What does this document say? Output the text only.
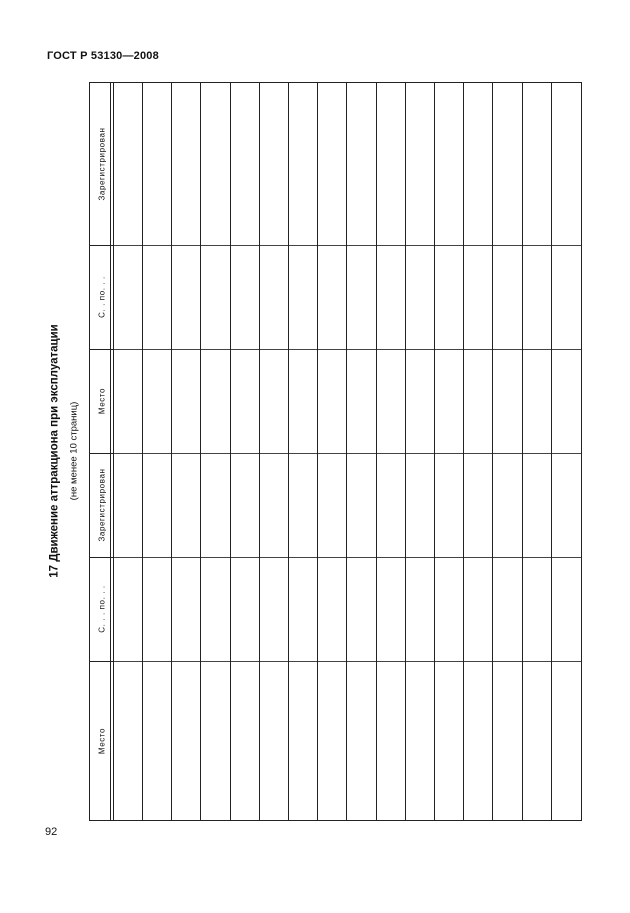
ГОСТ Р 53130—2008
17 Движение аттракциона при эксплуатации (не менее 10 страниц)
Зарегистрирован
С. . по. . .
Место
Зарегистрирован
С. . . по. . .
Место
92
